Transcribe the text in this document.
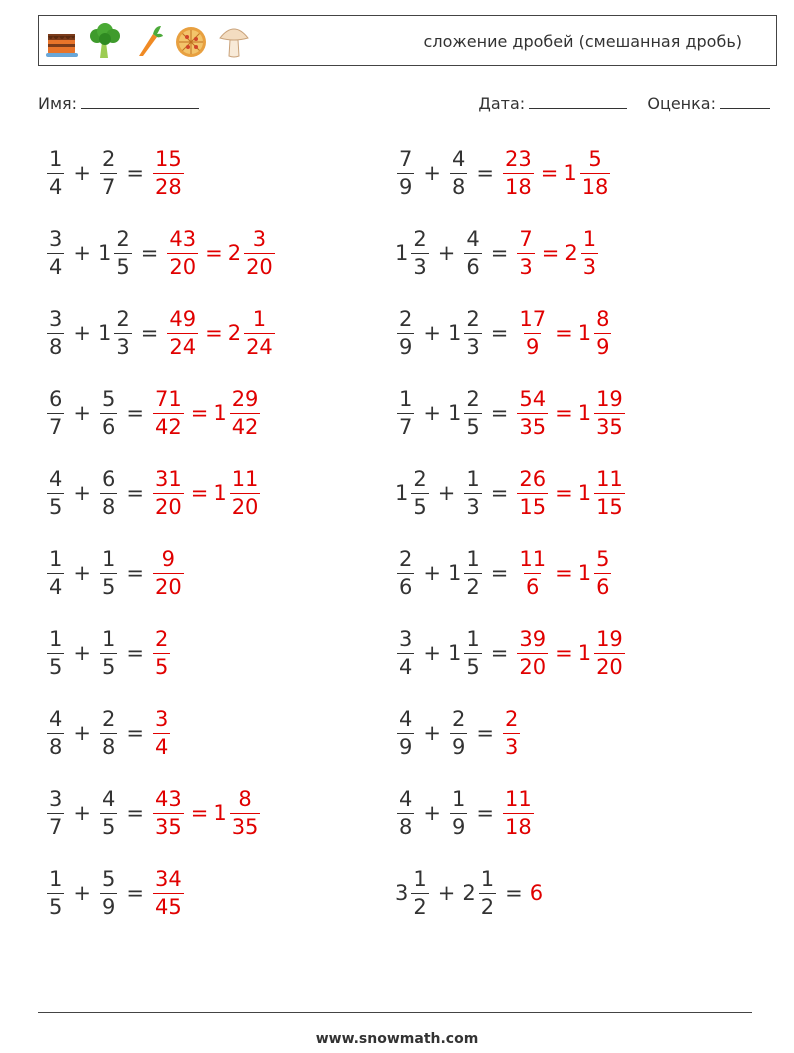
сложение дробей (смешанная дробь)
Имя:	Дата:	Оценка:
$\frac{1}{4} + \frac{2}{7} = \frac{15}{28}$	$\frac{7}{9} + \frac{4}{8} = \frac{23}{18} = 1 \frac{5}{18}$
$\frac{3}{4} + 1 \frac{2}{5} = \frac{43}{20} = 2 \frac{3}{20}$	$1 \frac{2}{3} + \frac{4}{6} = \frac{7}{3} = 2 \frac{1}{3}$
$\frac{3}{8} + 1 \frac{2}{3} = \frac{49}{24} = 2 \frac{1}{24}$	$\frac{2}{9} + 1 \frac{2}{3} = \frac{17}{9} = 1 \frac{8}{9}$
$\frac{6}{7} + \frac{5}{6} = \frac{71}{42} = 1 \frac{29}{42}$	$\frac{1}{7} + 1 \frac{2}{5} = \frac{54}{35} = 1 \frac{19}{35}$
$\frac{4}{5} + \frac{6}{8} = \frac{31}{20} = 1 \frac{11}{20}$	$1 \frac{2}{5} + \frac{1}{3} = \frac{26}{15} = 1 \frac{11}{15}$
$\frac{1}{4} + \frac{1}{5} = \frac{9}{20}$	$\frac{2}{6} + 1 \frac{1}{2} = \frac{11}{6} = 1 \frac{5}{6}$
$\frac{1}{5} + \frac{1}{5} = \frac{2}{5}$	$\frac{3}{4} + 1 \frac{1}{5} = \frac{39}{20} = 1 \frac{19}{20}$
$\frac{4}{8} + \frac{2}{8} = \frac{3}{4}$	$\frac{4}{9} + \frac{2}{9} = \frac{2}{3}$
$\frac{3}{7} + \frac{4}{5} = \frac{43}{35} = 1 \frac{8}{35}$	$\frac{4}{8} + \frac{1}{9} = \frac{11}{18}$
$\frac{1}{5} + \frac{5}{9} = \frac{34}{45}$	$3 \frac{1}{2} + 2 \frac{1}{2} = 6$
www.snowmath.com
